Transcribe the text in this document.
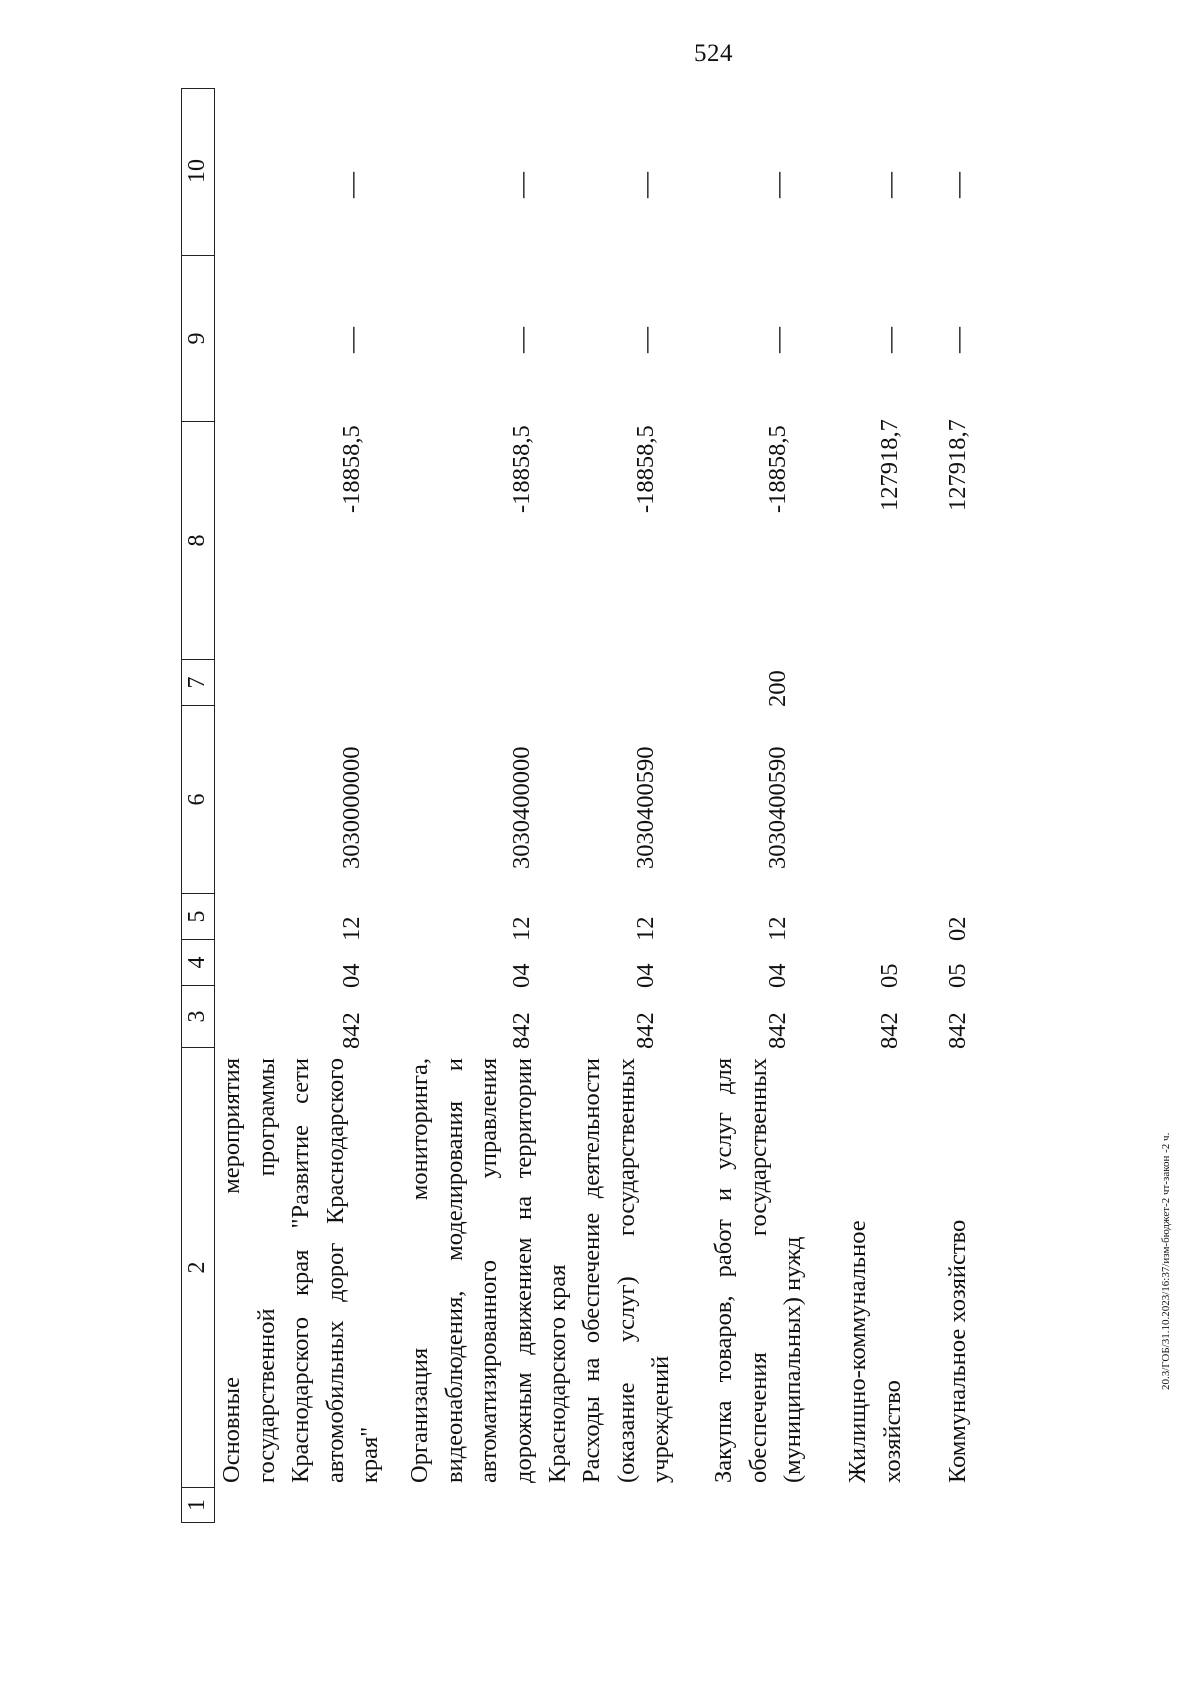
524
20.3/ГОБ/31.10.2023/16:37/изм-бюджет-2 чт-закон -2 ч.
1
2
3
4
5
6
7
8
9
10
Основные мероприятия государственной программы Краснодарского края "Развитие сети автомобильных дорог Краснодарского края"
842
04
12
3030000000
-18858,5
—
—
Организация мониторинга, видеонаблюдения, моделирования и автоматизированного управления дорожным движением на территории Краснодарского края
842
04
12
3030400000
-18858,5
—
—
Расходы на обеспечение деятельности (оказание услуг) государственных учреждений
842
04
12
3030400590
-18858,5
—
—
Закупка товаров, работ и услуг для обеспечения государственных (муниципальных) нужд
842
04
12
3030400590
200
-18858,5
—
—
Жилищно-коммунальное хозяйство
842
05
127918,7
—
—
Коммунальное хозяйство
842
05
02
127918,7
—
—
